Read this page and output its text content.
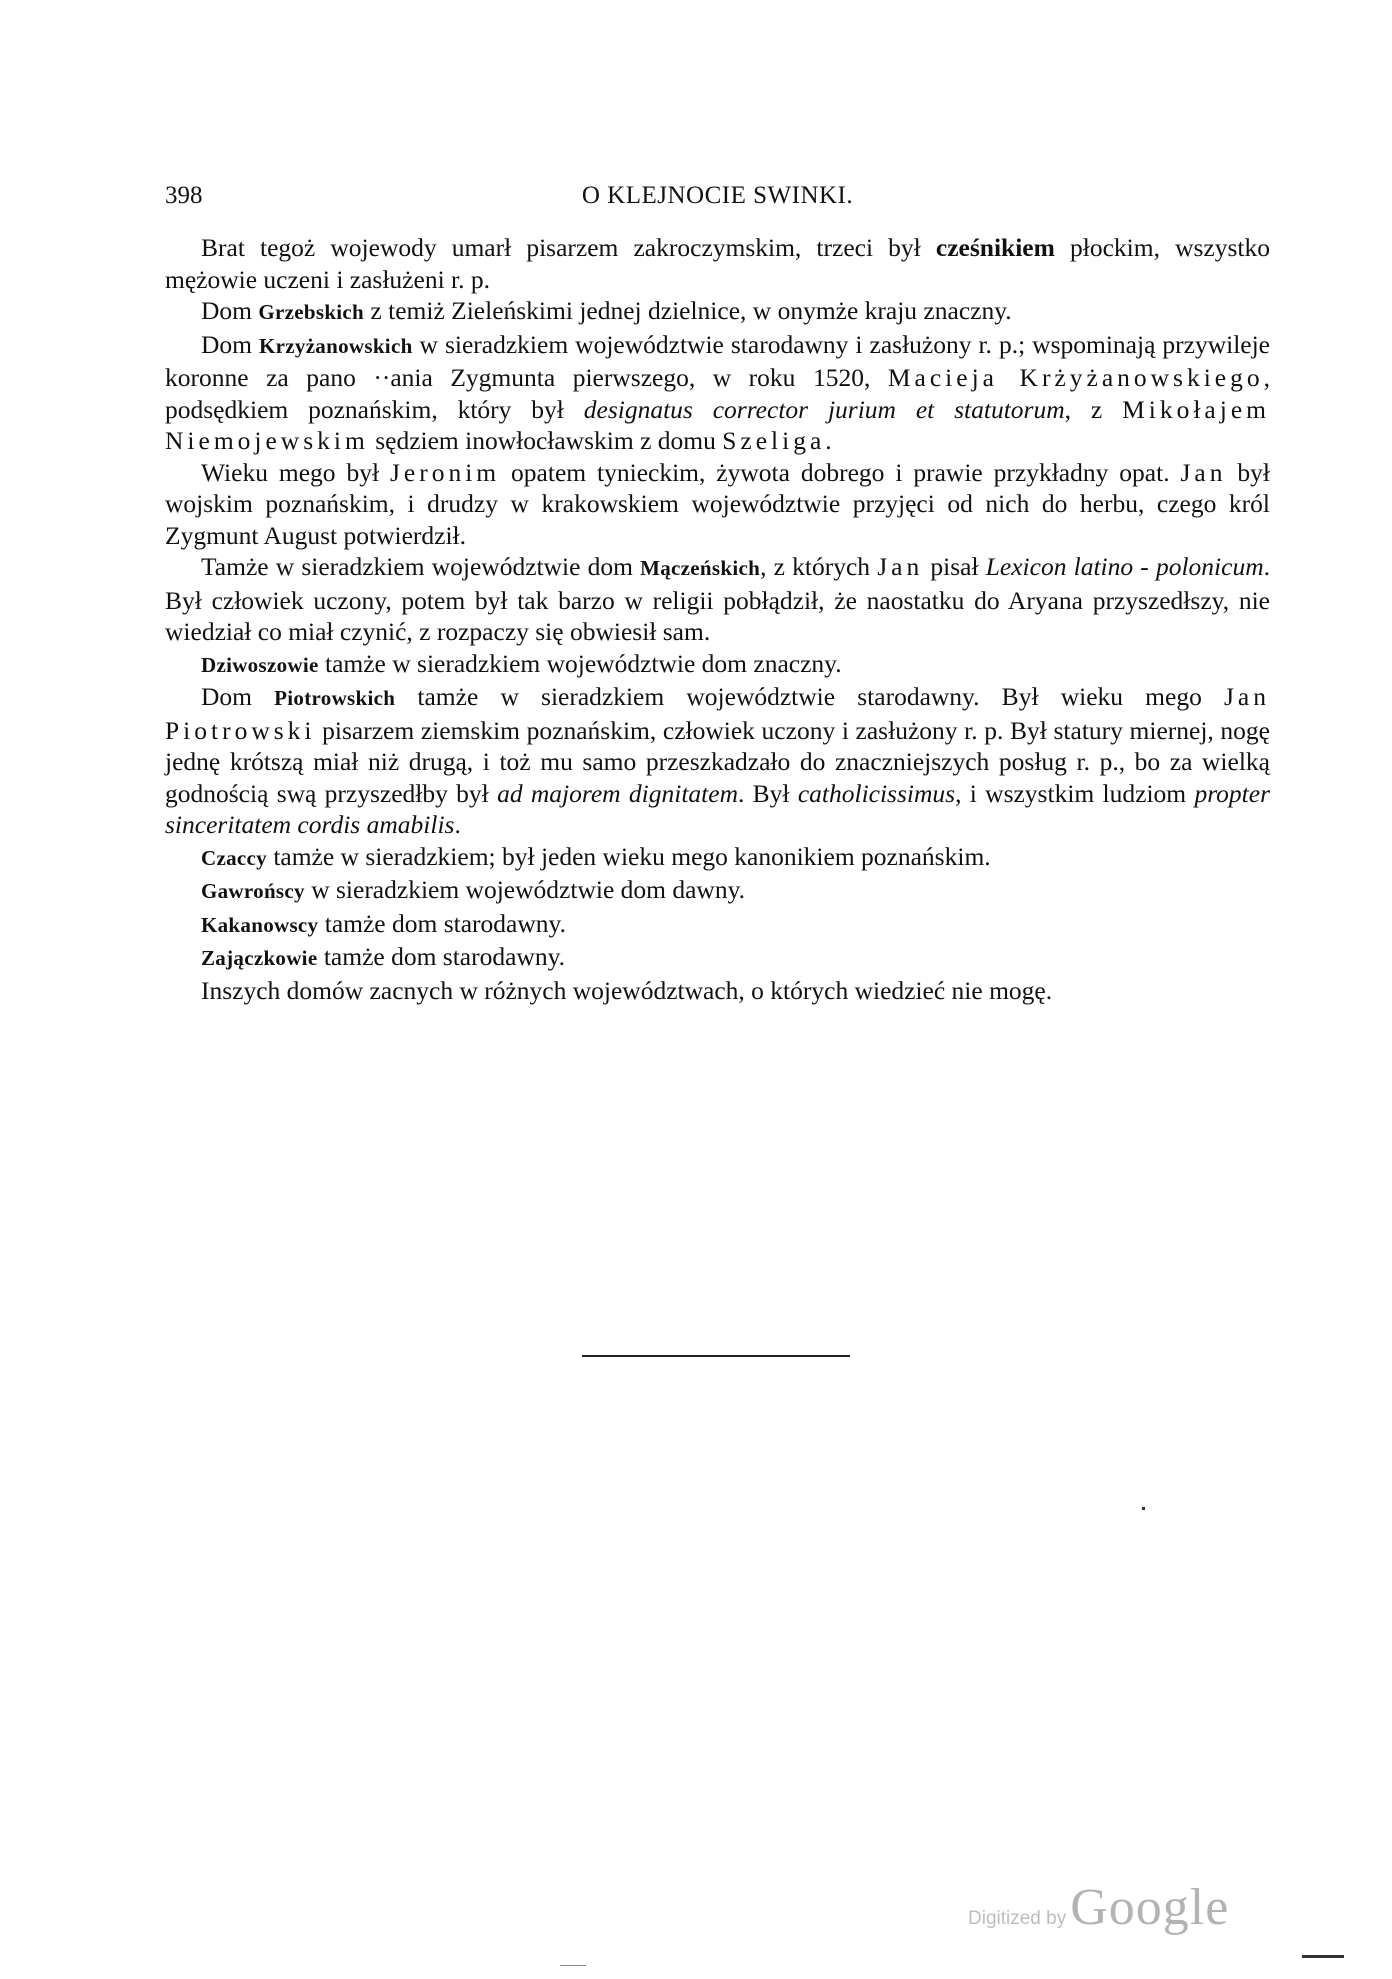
398	O KLEJNOCIE SWINKI.

Brat tegoż wojewody umarł pisarzem zakroczymskim, trzeci był cześnikiem płockim, wszystko mężowie uczeni i zasłużeni r. p.

Dom Grzebskich z temiż Zieleńskimi jednej dzielnice, w onymże kraju znaczny.

Dom Krzyżanowskich w sieradzkiem województwie starodawny i zasłużony r. p.; wspominają przywileje koronne za pano ··ania Zygmunta pierwszego, w roku 1520, Macieja Krżyżanowskiego, podsędkiem poznańskim, który był designatus corrector jurium et statutorum, z Mikołajem Niemojewskim sędziem inowłocławskim z domu Szeliga.

Wieku mego był Jeronim opatem tynieckim, żywota dobrego i prawie przykładny opat. Jan był wojskim poznańskim, i drudzy w krakowskiem województwie przyjęci od nich do herbu, czego król Zygmunt August potwierdził.

Tamże w sieradzkiem województwie dom Mączeńskich, z których Jan pisał Lexicon latino - polonicum. Był człowiek uczony, potem był tak barzo w religii pobłądził, że naostatku do Aryana przyszedłszy, nie wiedział co miał czynić, z rozpaczy się obwiesił sam.

Dziwoszowie tamże w sieradzkiem województwie dom znaczny.

Dom Piotrowskich tamże w sieradzkiem województwie starodawny. Był wieku mego Jan Piotrowski pisarzem ziemskim poznańskim, człowiek uczony i zasłużony r. p. Był statury miernej, nogę jednę krótszą miał niż drugą, i toż mu samo przeszkadzało do znaczniejszych posług r. p., bo za wielką godnością swą przyszedłby był ad majorem dignitatem. Był catholicissimus, i wszystkim ludziom propter sinceritatem cordis amabilis.

Czaccy tamże w sieradzkiem; był jeden wieku mego kanonikiem poznańskim.

Gawrońscy w sieradzkiem województwie dom dawny.

Kakanowscy tamże dom starodawny.

Zajączkowie tamże dom starodawny.

Inszych domów zacnych w różnych województwach, o których wiedzieć nie mogę.

Digitized by Google
